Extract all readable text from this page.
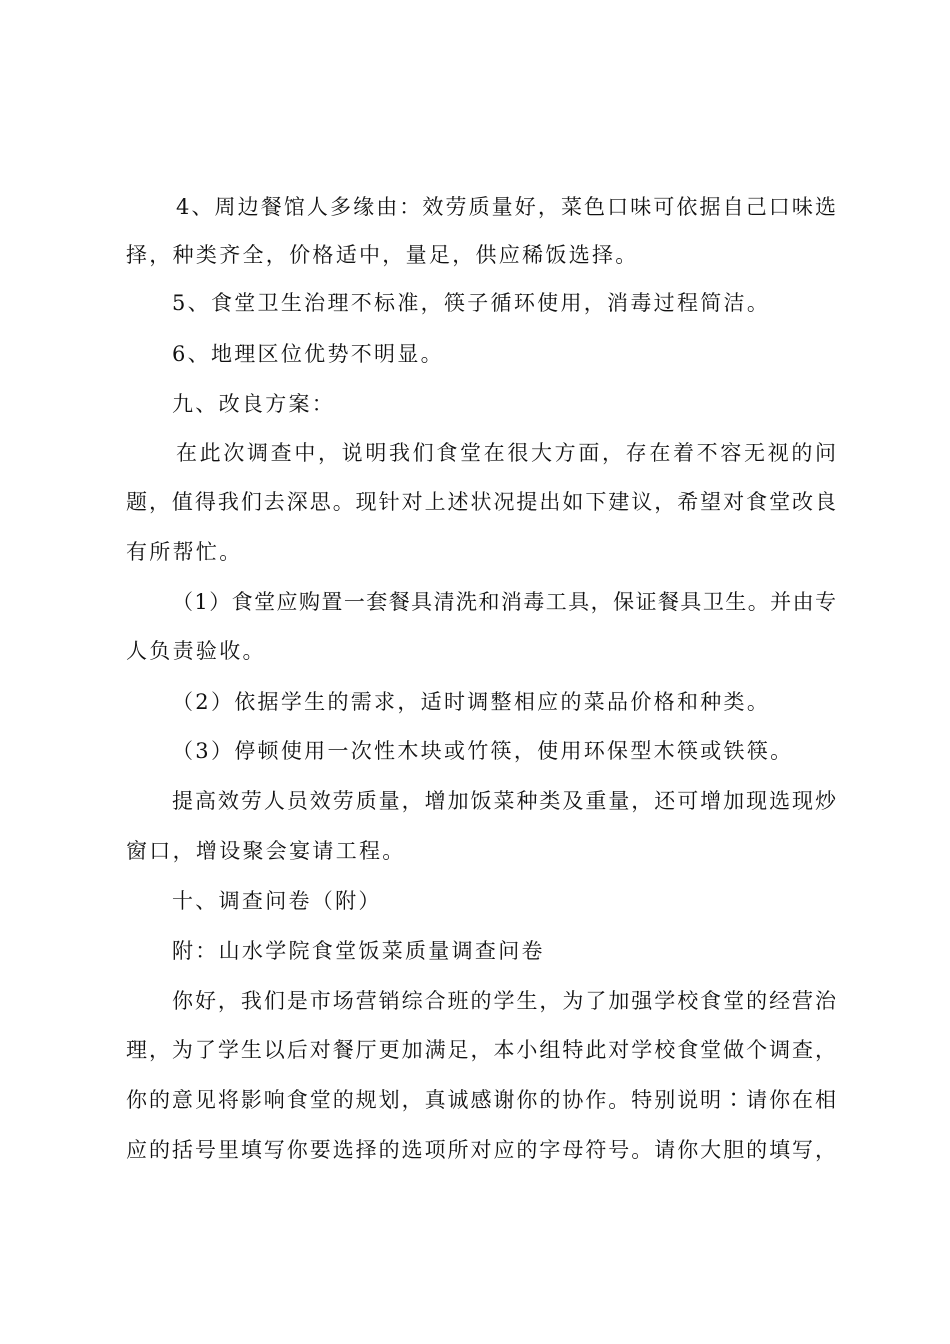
4、周边餐馆人多缘由：效劳质量好，菜色口味可依据自己口味选
择，种类齐全，价格适中，量足，供应稀饭选择。
5、食堂卫生治理不标准，筷子循环使用，消毒过程简洁。
6、地理区位优势不明显。
九、改良方案：
在此次调查中，说明我们食堂在很大方面，存在着不容无视的问
题，值得我们去深思。现针对上述状况提出如下建议，希望对食堂改良
有所帮忙。
（1）食堂应购置一套餐具清洗和消毒工具，保证餐具卫生。并由专
人负责验收。
（2）依据学生的需求，适时调整相应的菜品价格和种类。
（3）停顿使用一次性木块或竹筷，使用环保型木筷或铁筷。
提高效劳人员效劳质量，增加饭菜种类及重量，还可增加现选现炒
窗口，增设聚会宴请工程。
十、调查问卷（附）
附：山水学院食堂饭菜质量调查问卷
你好，我们是市场营销综合班的学生，为了加强学校食堂的经营治
理，为了学生以后对餐厅更加满足，本小组特此对学校食堂做个调查，
你的意见将影响食堂的规划，真诚感谢你的协作。特别说明∶请你在相
应的括号里填写你要选择的选项所对应的字母符号。请你大胆的填写，
